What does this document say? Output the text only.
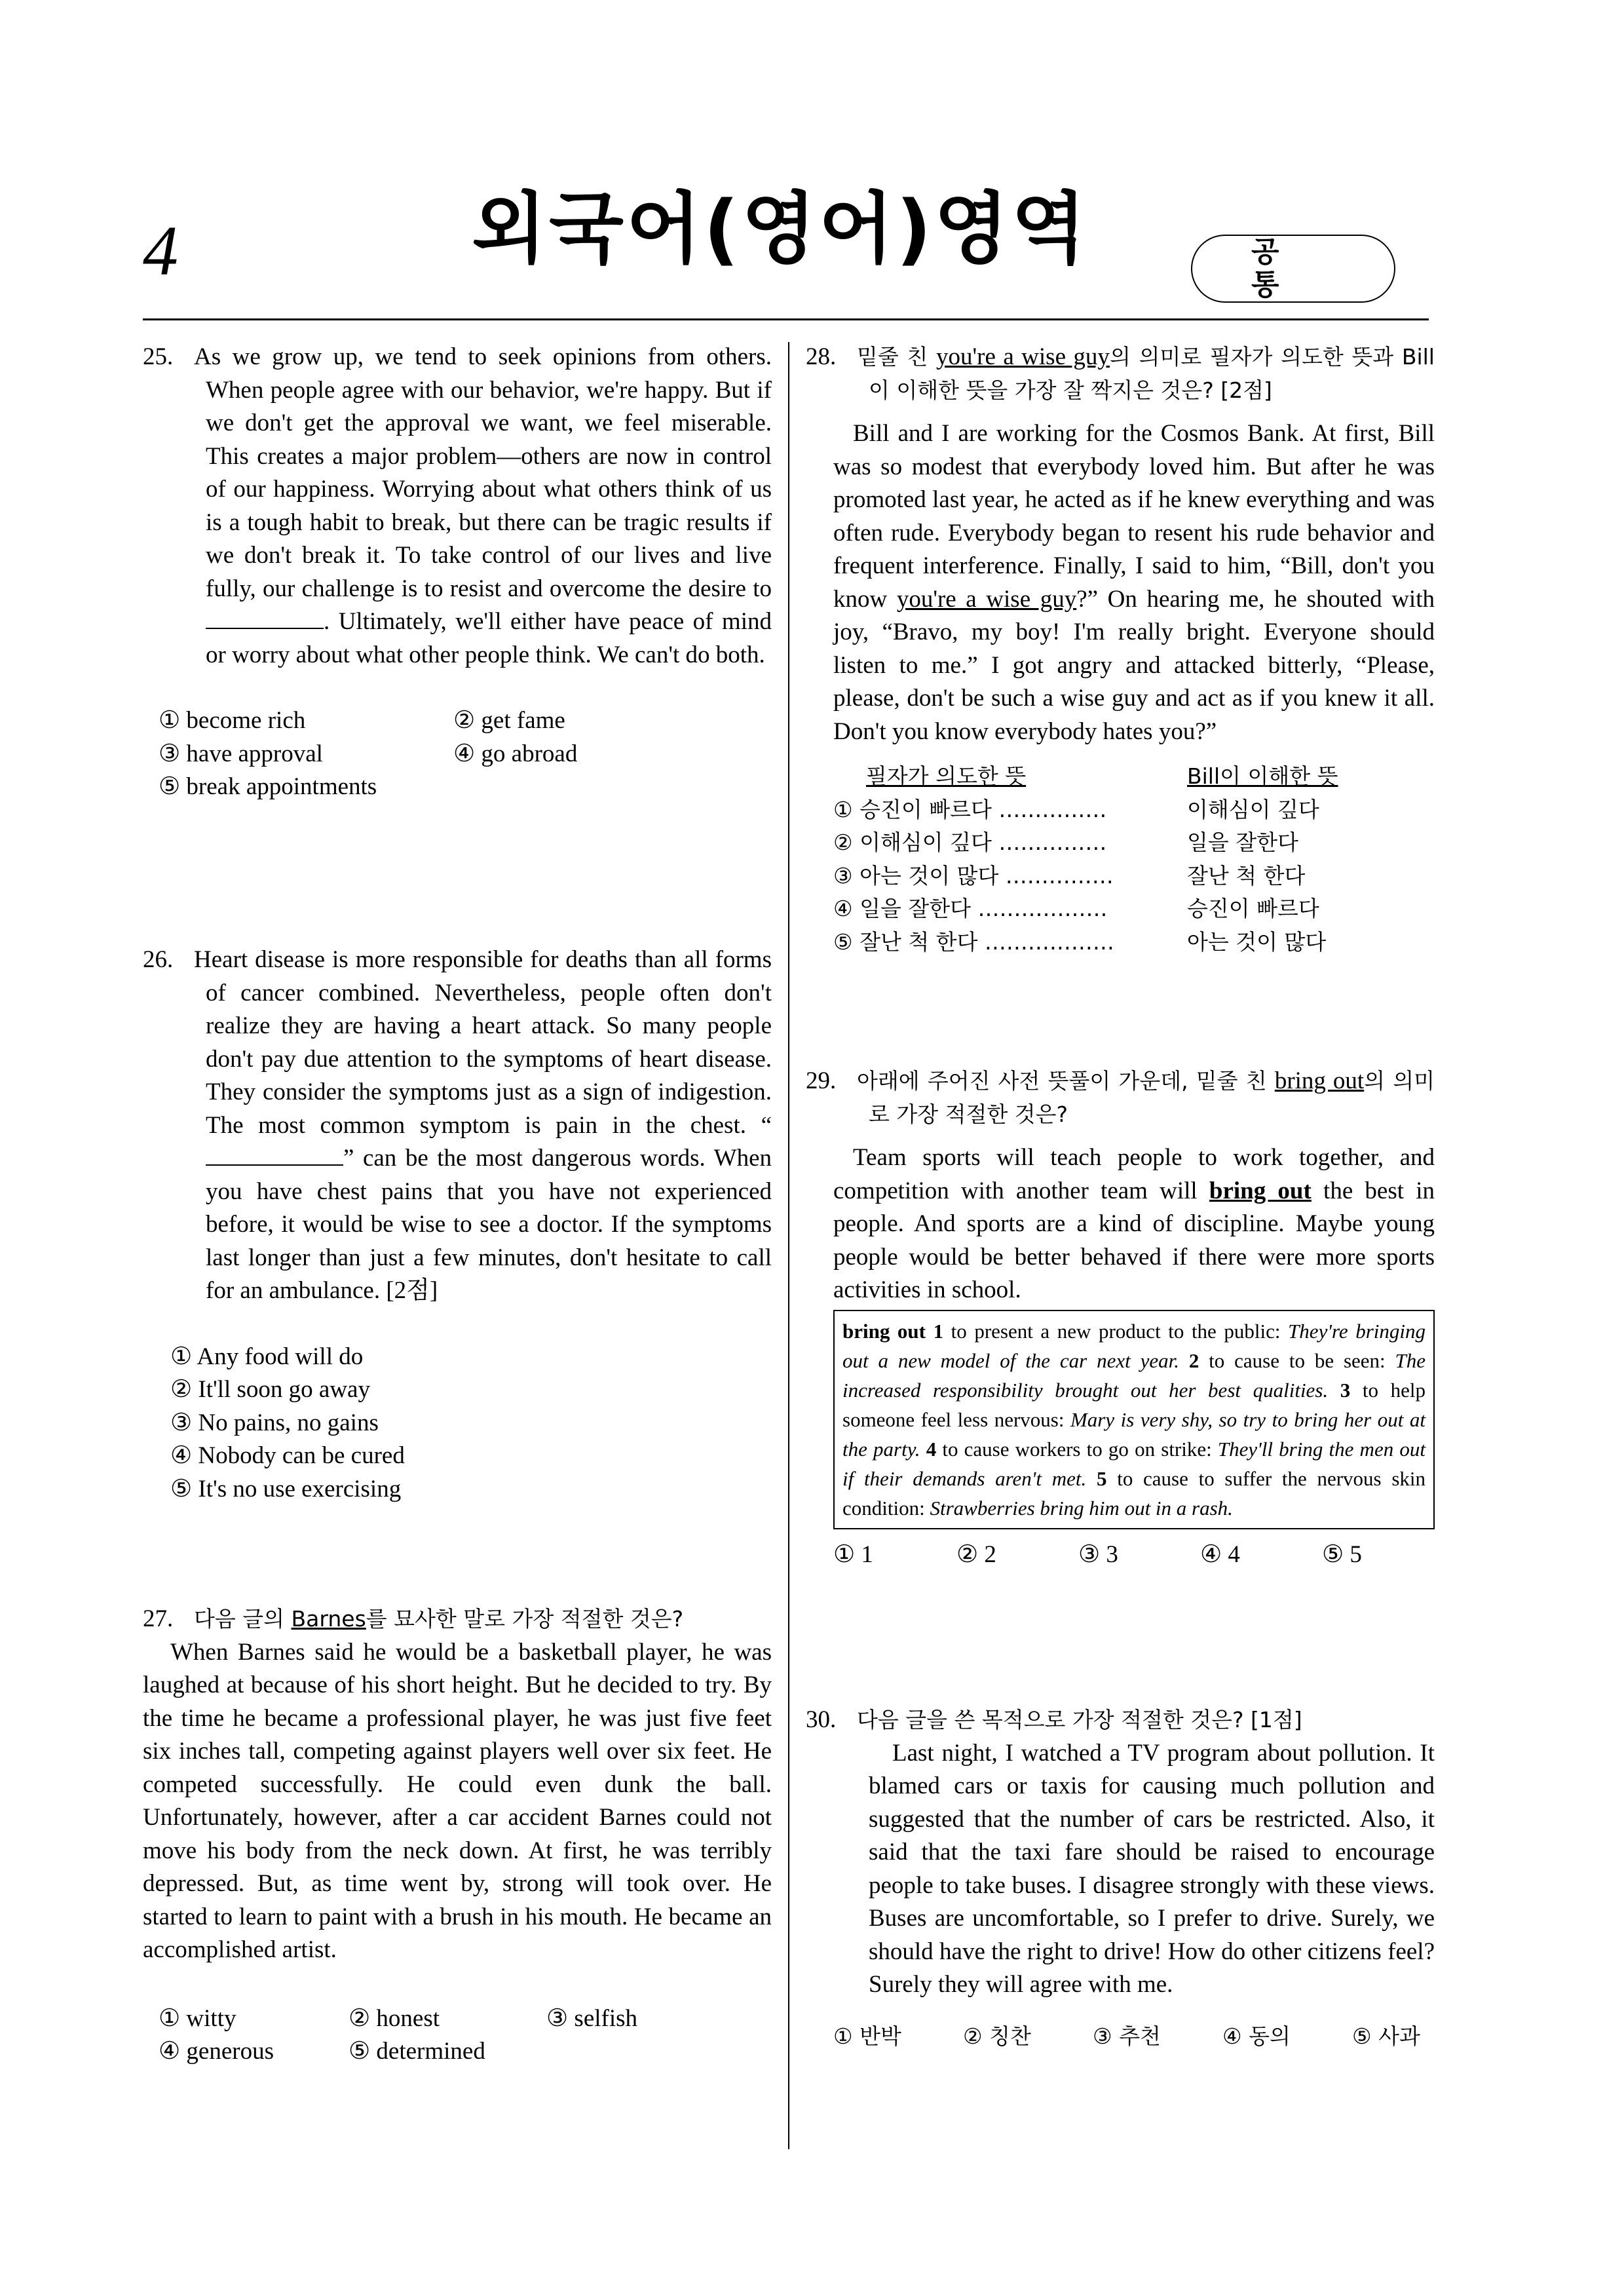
4	외국어(영어)영역	공 통
25. As we grow up, we tend to seek opinions from others. When people agree with our behavior, we're happy. But if we don't get the approval we want, we feel miserable. This creates a major problem—others are now in control of our happiness. Worrying about what others think of us is a tough habit to break, but there can be tragic results if we don't break it. To take control of our lives and live fully, our challenge is to resist and overcome the desire to . Ultimately, we'll either have peace of mind or worry about what other people think. We can't do both.
① become rich	② get fame
③ have approval	④ go abroad
⑤ break appointments
26. Heart disease is more responsible for deaths than all forms of cancer combined. Nevertheless, people often don't realize they are having a heart attack. So many people don't pay due attention to the symptoms of heart disease. They consider the symptoms just as a sign of indigestion. The most common symptom is pain in the chest. “” can be the most dangerous words. When you have chest pains that you have not experienced before, it would be wise to see a doctor. If the symptoms last longer than just a few minutes, don't hesitate to call for an ambulance. [2점]
① Any food will do
② It'll soon go away
③ No pains, no gains
④ Nobody can be cured
⑤ It's no use exercising
27. 다음 글의 Barnes를 묘사한 말로 가장 적절한 것은?
When Barnes said he would be a basketball player, he was laughed at because of his short height. But he decided to try. By the time he became a professional player, he was just five feet six inches tall, competing against players well over six feet. He competed successfully. He could even dunk the ball. Unfortunately, however, after a car accident Barnes could not move his body from the neck down. At first, he was terribly depressed. But, as time went by, strong will took over. He started to learn to paint with a brush in his mouth. He became an accomplished artist.
① witty	② honest	③ selfish
④ generous	⑤ determined
28. 밑줄 친 you're a wise guy의 의미로 필자가 의도한 뜻과 Bill이 이해한 뜻을 가장 잘 짝지은 것은? [2점]
Bill and I are working for the Cosmos Bank. At first, Bill was so modest that everybody loved him. But after he was promoted last year, he acted as if he knew everything and was often rude. Everybody began to resent his rude behavior and frequent interference. Finally, I said to him, “Bill, don't you know you're a wise guy?” On hearing me, he shouted with joy, “Bravo, my boy! I'm really bright. Everyone should listen to me.” I got angry and attacked bitterly, “Please, please, don't be such a wise guy and act as if you knew it all. Don't you know everybody hates you?”
필자가 의도한 뜻	Bill이 이해한 뜻
① 승진이 빠르다 ……………	이해심이 깊다
② 이해심이 깊다 ……………	일을 잘한다
③ 아는 것이 많다 ……………	잘난 척 한다
④ 일을 잘한다 ………………	승진이 빠르다
⑤ 잘난 척 한다 ………………	아는 것이 많다
29. 아래에 주어진 사전 뜻풀이 가운데, 밑줄 친 bring out의 의미로 가장 적절한 것은?
Team sports will teach people to work together, and competition with another team will bring out the best in people. And sports are a kind of discipline. Maybe young people would be better behaved if there were more sports activities in school.
bring out 1 to present a new product to the public: They're bringing out a new model of the car next year. 2 to cause to be seen: The increased responsibility brought out her best qualities. 3 to help someone feel less nervous: Mary is very shy, so try to bring her out at the party. 4 to cause workers to go on strike: They'll bring the men out if their demands aren't met. 5 to cause to suffer the nervous skin condition: Strawberries bring him out in a rash.
① 1	② 2	③ 3	④ 4	⑤ 5
30. 다음 글을 쓴 목적으로 가장 적절한 것은? [1점]
Last night, I watched a TV program about pollution. It blamed cars or taxis for causing much pollution and suggested that the number of cars be restricted. Also, it said that the taxi fare should be raised to encourage people to take buses. I disagree strongly with these views. Buses are uncomfortable, so I prefer to drive. Surely, we should have the right to drive! How do other citizens feel? Surely they will agree with me.
① 반박	② 칭찬	③ 추천	④ 동의	⑤ 사과
